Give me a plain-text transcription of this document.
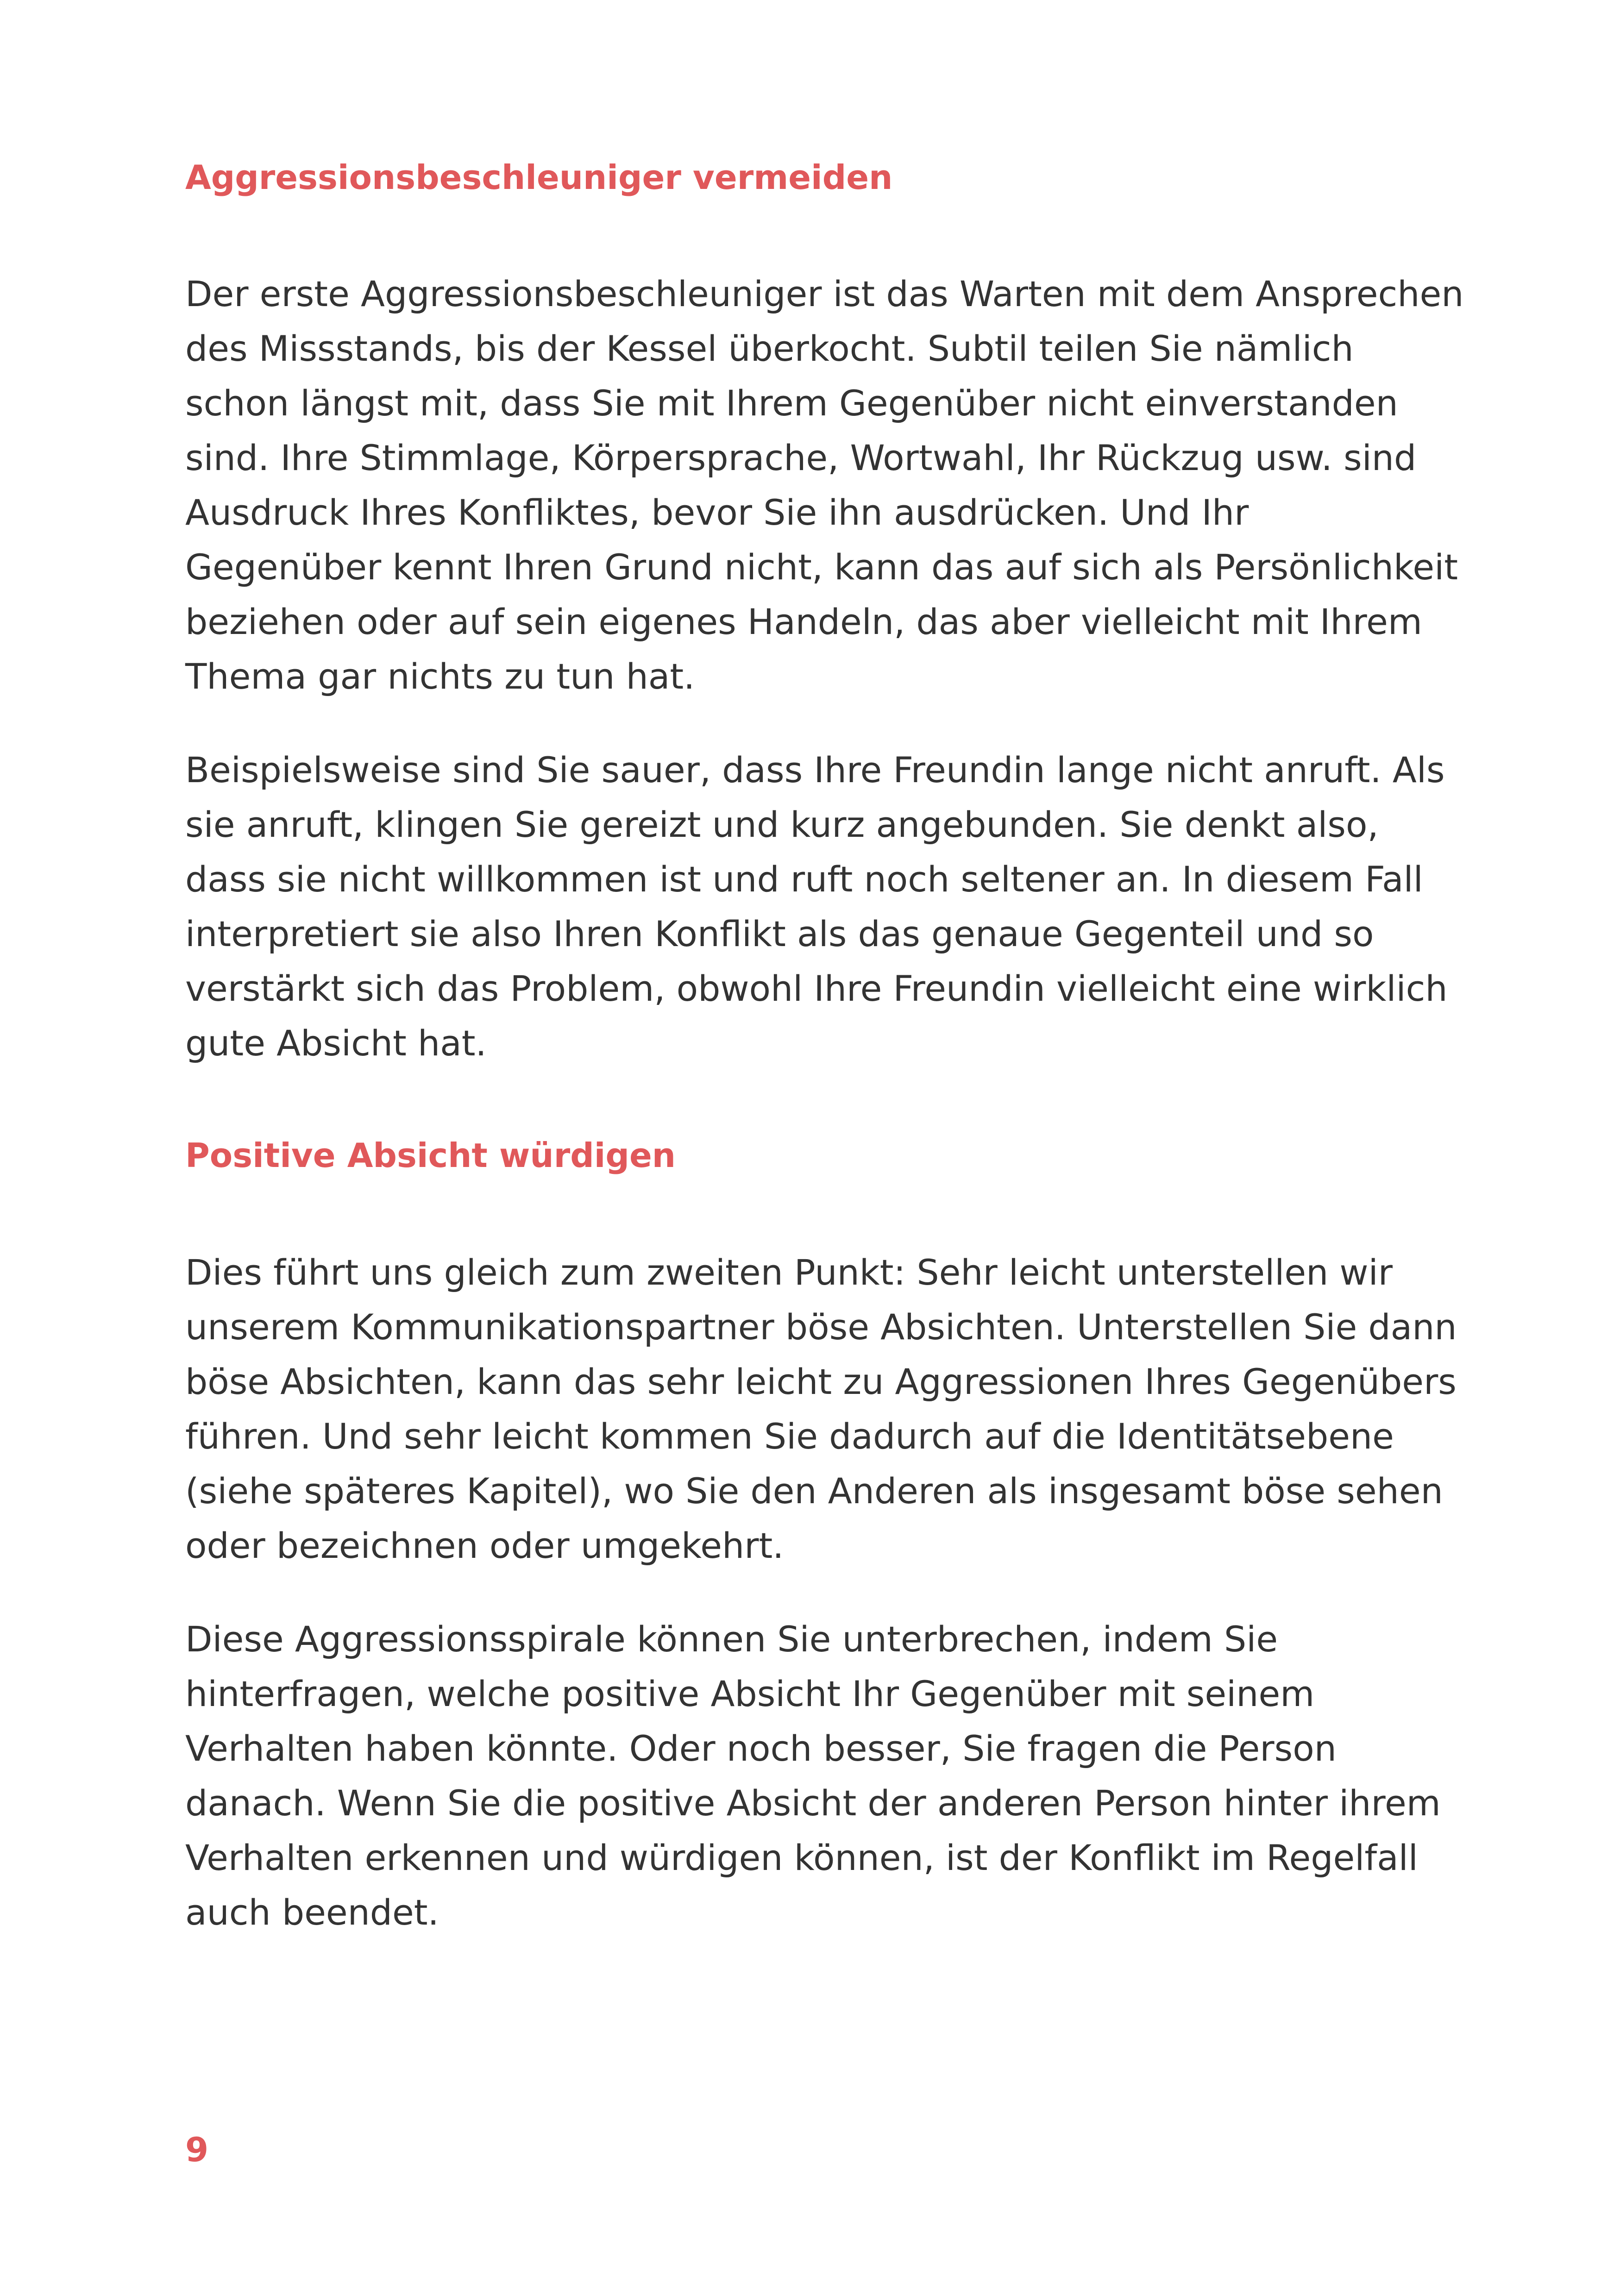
Aggressionsbeschleuniger vermeiden

Der erste Aggressionsbeschleuniger ist das Warten mit dem Ansprechen
des Missstands, bis der Kessel überkocht. Subtil teilen Sie nämlich
schon längst mit, dass Sie mit Ihrem Gegenüber nicht einverstanden
sind. Ihre Stimmlage, Körpersprache, Wortwahl, Ihr Rückzug usw. sind
Ausdruck Ihres Konfliktes, bevor Sie ihn ausdrücken. Und Ihr
Gegenüber kennt Ihren Grund nicht, kann das auf sich als Persönlichkeit
beziehen oder auf sein eigenes Handeln, das aber vielleicht mit Ihrem
Thema gar nichts zu tun hat.

Beispielsweise sind Sie sauer, dass Ihre Freundin lange nicht anruft. Als
sie anruft, klingen Sie gereizt und kurz angebunden. Sie denkt also,
dass sie nicht willkommen ist und ruft noch seltener an. In diesem Fall
interpretiert sie also Ihren Konflikt als das genaue Gegenteil und so
verstärkt sich das Problem, obwohl Ihre Freundin vielleicht eine wirklich
gute Absicht hat.

Positive Absicht würdigen

Dies führt uns gleich zum zweiten Punkt: Sehr leicht unterstellen wir
unserem Kommunikationspartner böse Absichten. Unterstellen Sie dann
böse Absichten, kann das sehr leicht zu Aggressionen Ihres Gegenübers
führen. Und sehr leicht kommen Sie dadurch auf die Identitätsebene
(siehe späteres Kapitel), wo Sie den Anderen als insgesamt böse sehen
oder bezeichnen oder umgekehrt.

Diese Aggressionsspirale können Sie unterbrechen, indem Sie
hinterfragen, welche positive Absicht Ihr Gegenüber mit seinem
Verhalten haben könnte. Oder noch besser, Sie fragen die Person
danach. Wenn Sie die positive Absicht der anderen Person hinter ihrem
Verhalten erkennen und würdigen können, ist der Konflikt im Regelfall
auch beendet.

9
